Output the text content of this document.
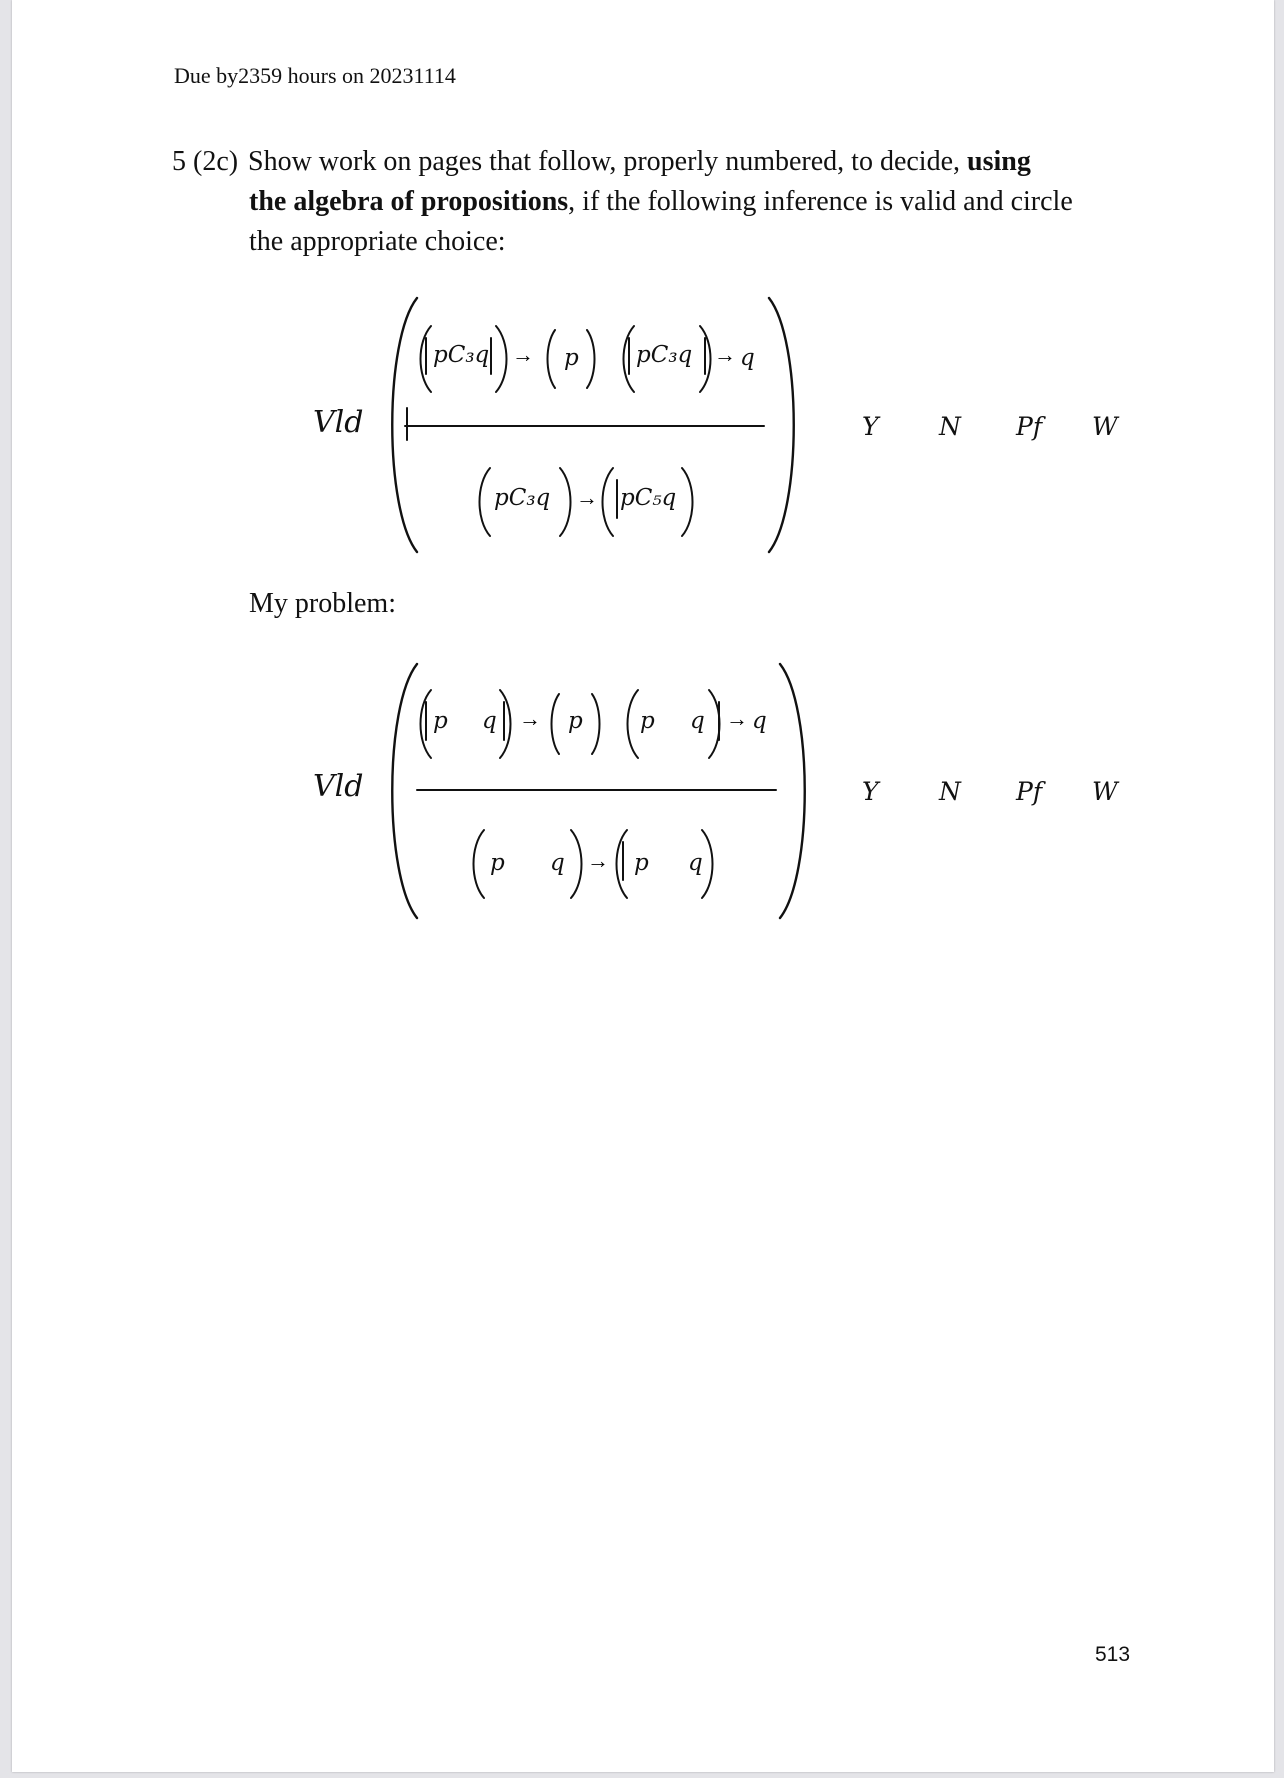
Due by2359 hours on 20231114
5 (2c) Show work on pages that follow, properly numbered, to decide, using
the algebra of propositions, if the following inference is valid and circle
the appropriate choice:
Vld
pC₃q → p pC₃q → q
pC₃q → pC₅q
Y N Pf W
My problem:
Vld
p q → p p q → q
p q → p q
Y N Pf W
513
